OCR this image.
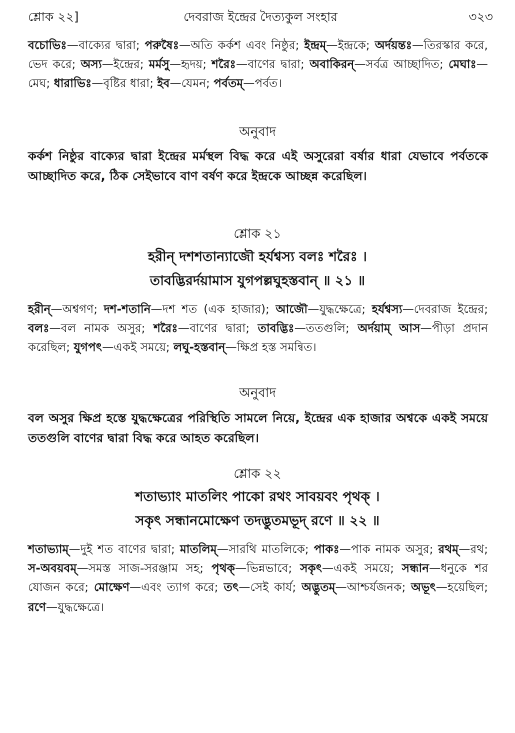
শ্লোক ২২]	দেবরাজ ইন্দ্রের দৈত্যকুল সংহার	৩২৩
বচোভিঃ—বাক্যের দ্বারা; পরুষৈঃ—অতি কর্কশ এবং নিষ্ঠুর; ইন্দ্রম্—ইন্দ্রকে; অর্দয়ন্তঃ—তিরস্কার করে, ভেদ করে; অস্য—ইন্দ্রের; মর্মসু—হৃদয়; শরৈঃ—বাণের দ্বারা; অবাকিরন্—সর্বত্র আচ্ছাদিত; মেঘাঃ—মেঘ; ধারাভিঃ—বৃষ্টির ধারা; ইব—যেমন; পর্বতম্—পর্বত।
অনুবাদ
কর্কশ নিষ্ঠুর বাক্যের দ্বারা ইন্দ্রের মর্মস্থল বিদ্ধ করে এই অসুরেরা বর্ষার ধারা যেভাবে পর্বতকে আচ্ছাদিত করে, ঠিক সেইভাবে বাণ বর্ষণ করে ইন্দ্রকে আচ্ছন্ন করেছিল।
শ্লোক ২১
হরীন্ দশশতান্যাজৌ হর্যশ্বস্য বলঃ শরৈঃ ।
তাবদ্ভিরর্দয়ামাস যুগপল্লঘুহস্তবান্ ॥ ২১ ॥
হরীন্—অশ্বগণ; দশ-শতানি—দশ শত (এক হাজার); আজৌ—যুদ্ধক্ষেত্রে; হর্যশ্বস্য—দেবরাজ ইন্দ্রের; বলঃ—বল নামক অসুর; শরৈঃ—বাণের দ্বারা; তাবদ্ভিঃ—ততগুলি; অর্দয়াম্ আস—পীড়া প্রদান করেছিল; যুগপৎ—একই সময়ে; লঘু-হস্তবান্—ক্ষিপ্র হস্ত সমন্বিত।
অনুবাদ
বল অসুর ক্ষিপ্র হস্তে যুদ্ধক্ষেত্রের পরিস্থিতি সামলে নিয়ে, ইন্দ্রের এক হাজার অশ্বকে একই সময়ে ততগুলি বাণের দ্বারা বিদ্ধ করে আহত করেছিল।
শ্লোক ২২
শতাভ্যাং মাতলিং পাকো রথং সাবয়বং পৃথক্ ।
সকৃৎ সন্ধানমোক্ষেণ তদদ্ভুতমভূদ্ রণে ॥ ২২ ॥
শতাভ্যাম্—দুই শত বাণের দ্বারা; মাতলিম্—সারথি মাতলিকে; পাকঃ—পাক নামক অসুর; রথম্—রথ; স-অবয়বম্—সমস্ত সাজ-সরঞ্জাম সহ; পৃথক্—ভিন্নভাবে; সকৃৎ—একই সময়ে; সন্ধান—ধনুকে শর যোজন করে; মোক্ষেণ—এবং ত্যাগ করে; তৎ—সেই কার্য; অদ্ভুতম্—আশ্চর্যজনক; অভূৎ—হয়েছিল; রণে—যুদ্ধক্ষেত্রে।
